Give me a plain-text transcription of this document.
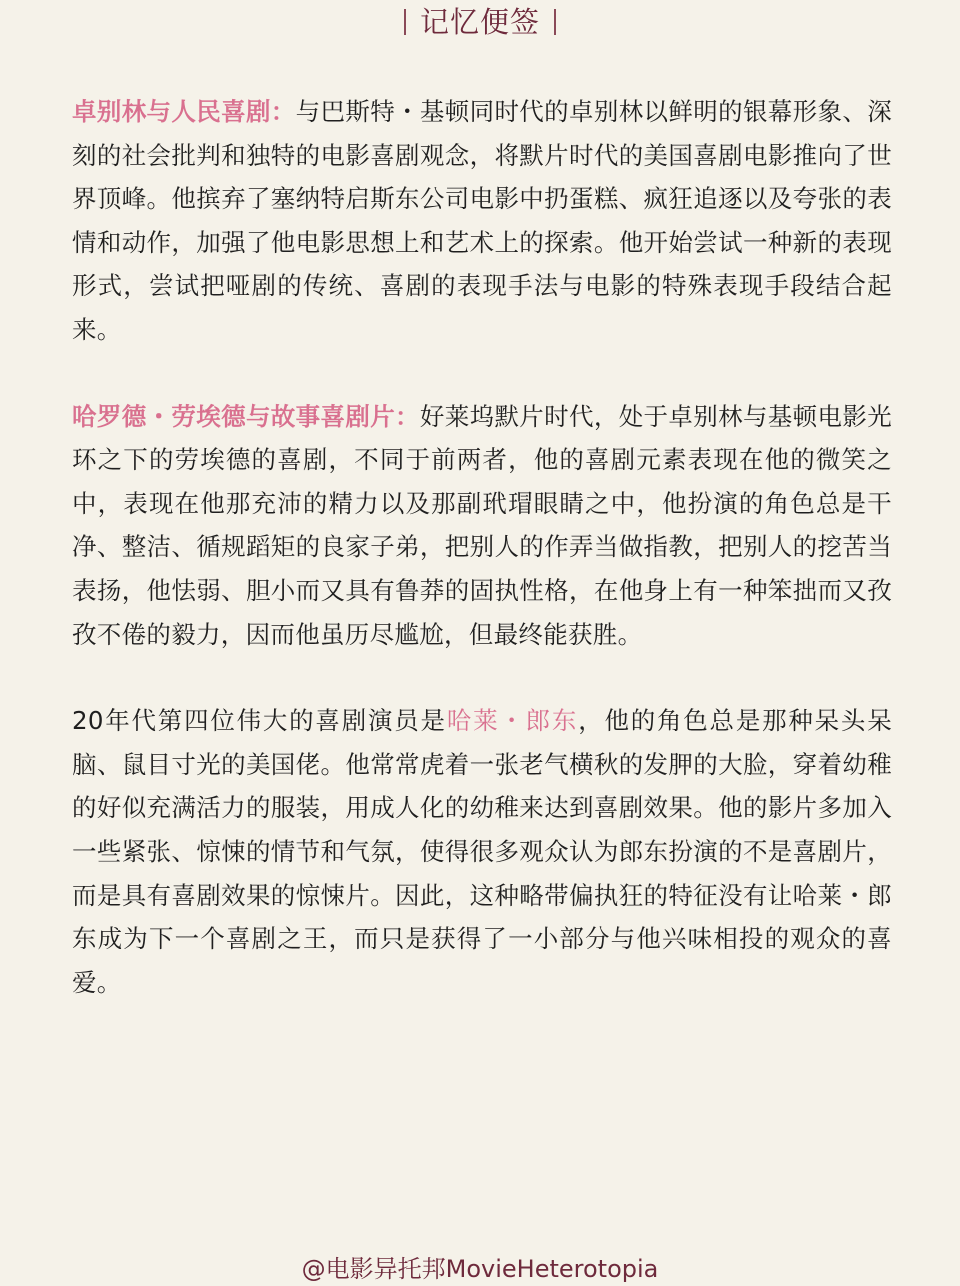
记忆便签

卓别林与人民喜剧：与巴斯特・基顿同时代的卓别林以鲜明的银幕形象、深刻的社会批判和独特的电影喜剧观念，将默片时代的美国喜剧电影推向了世界顶峰。他摈弃了塞纳特启斯东公司电影中扔蛋糕、疯狂追逐以及夸张的表情和动作，加强了他电影思想上和艺术上的探索。他开始尝试一种新的表现形式，尝试把哑剧的传统、喜剧的表现手法与电影的特殊表现手段结合起来。

哈罗德・劳埃德与故事喜剧片：好莱坞默片时代，处于卓别林与基顿电影光环之下的劳埃德的喜剧，不同于前两者，他的喜剧元素表现在他的微笑之中，表现在他那充沛的精力以及那副玳瑁眼睛之中，他扮演的角色总是干净、整洁、循规蹈矩的良家子弟，把别人的作弄当做指教，把别人的挖苦当表扬，他怯弱、胆小而又具有鲁莽的固执性格，在他身上有一种笨拙而又孜孜不倦的毅力，因而他虽历尽尴尬，但最终能获胜。

20年代第四位伟大的喜剧演员是哈莱・郎东，他的角色总是那种呆头呆脑、鼠目寸光的美国佬。他常常虎着一张老气横秋的发胛的大脸，穿着幼稚的好似充满活力的服装，用成人化的幼稚来达到喜剧效果。他的影片多加入一些紧张、惊悚的情节和气氛，使得很多观众认为郎东扮演的不是喜剧片，而是具有喜剧效果的惊悚片。因此，这种略带偏执狂的特征没有让哈莱・郎东成为下一个喜剧之王，而只是获得了一小部分与他兴味相投的观众的喜爱。

@电影异托邦MovieHeterotopia
